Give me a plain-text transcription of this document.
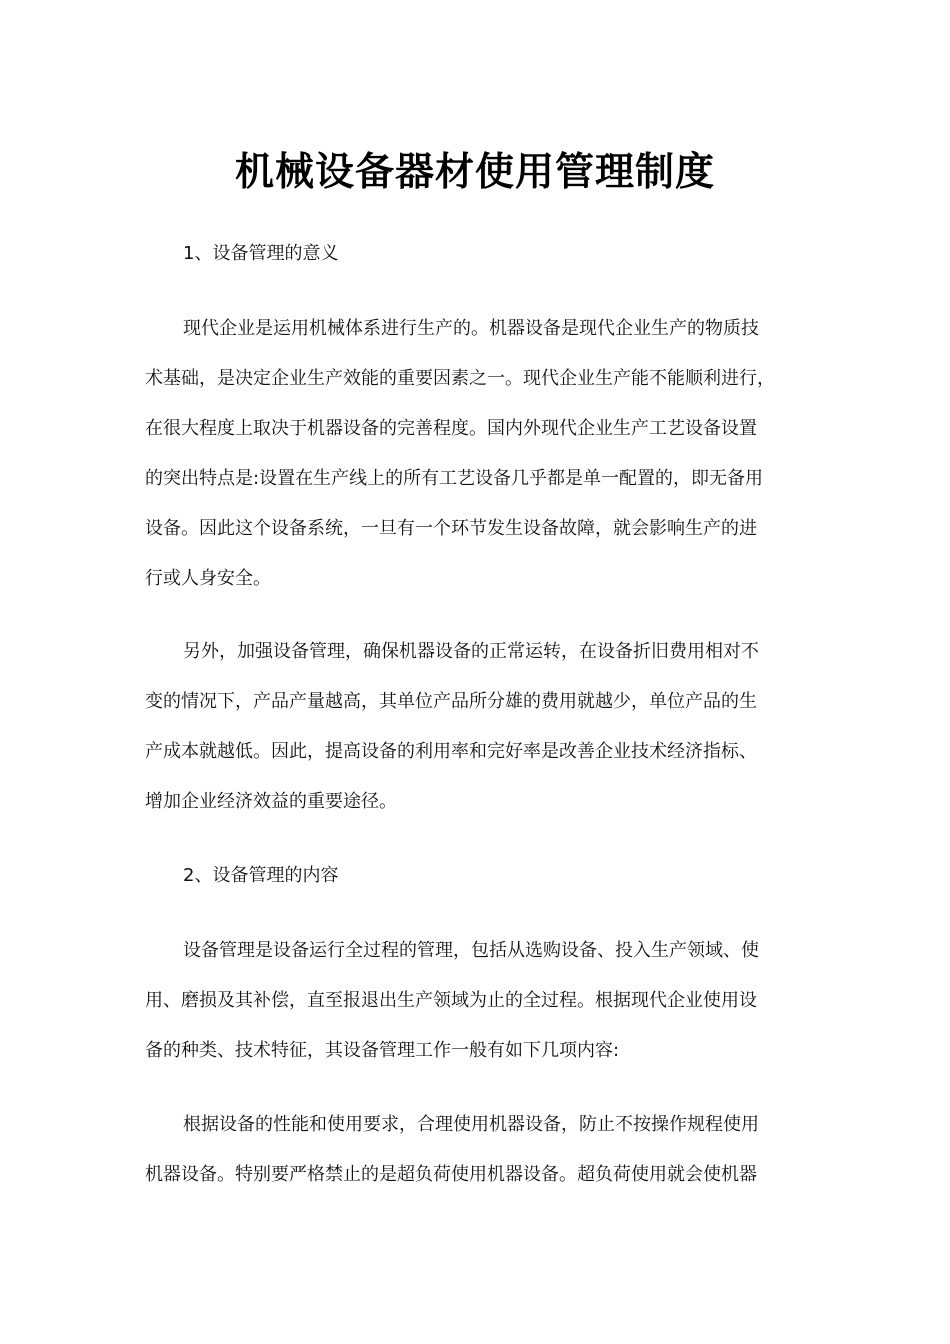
机械设备器材使用管理制度

1、设备管理的意义

现代企业是运用机械体系进行生产的。机器设备是现代企业生产的物质技
术基础，是决定企业生产效能的重要因素之一。现代企业生产能不能顺利进行，
在很大程度上取决于机器设备的完善程度。国内外现代企业生产工艺设备设置
的突出特点是:设置在生产线上的所有工艺设备几乎都是单一配置的，即无备用
设备。因此这个设备系统，一旦有一个环节发生设备故障，就会影响生产的进
行或人身安全。
另外，加强设备管理，确保机器设备的正常运转，在设备折旧费用相对不
变的情况下，产品产量越高，其单位产品所分雄的费用就越少，单位产品的生
产成本就越低。因此，提高设备的利用率和完好率是改善企业技术经济指标、
增加企业经济效益的重要途径。

2、设备管理的内容

设备管理是设备运行全过程的管理，包括从选购设备、投入生产领域、使
用、磨损及其补偿，直至报退出生产领域为止的全过程。根据现代企业使用设
备的种类、技术特征，其设备管理工作一般有如下几项内容:
根据设备的性能和使用要求，合理使用机器设备，防止不按操作规程使用
机器设备。特别要严格禁止的是超负荷使用机器设备。超负荷使用就会使机器
